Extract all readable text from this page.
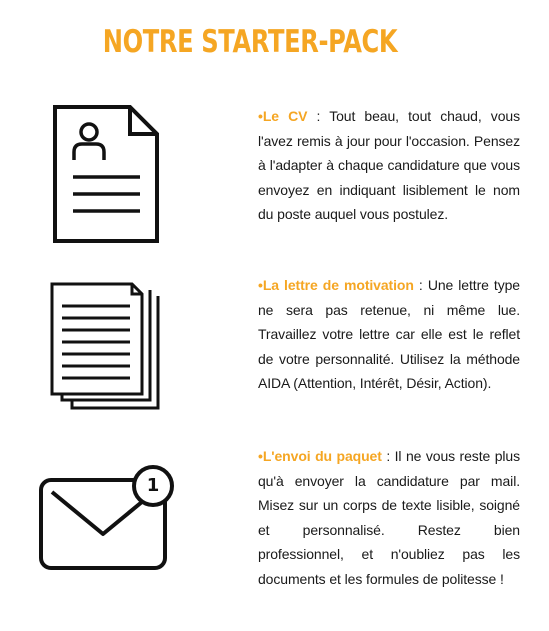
NOTRE STARTER-PACK
1
•Le CV : Tout beau, tout chaud, vous l'avez remis à jour pour l'occasion. Pensez à l'adapter à chaque candidature que vous envoyez en indiquant lisiblement le nom du poste auquel vous postulez.
•La lettre de motivation : Une lettre type ne sera pas retenue, ni même lue. Travaillez votre lettre car elle est le reflet de votre personnalité. Utilisez la méthode AIDA (Attention, Intérêt, Désir, Action).
•L'envoi du paquet : Il ne vous reste plus qu'à envoyer la candidature par mail. Misez sur un corps de texte lisible, soigné et personnalisé. Restez bien professionnel, et n'oubliez pas les documents et les formules de politesse !
